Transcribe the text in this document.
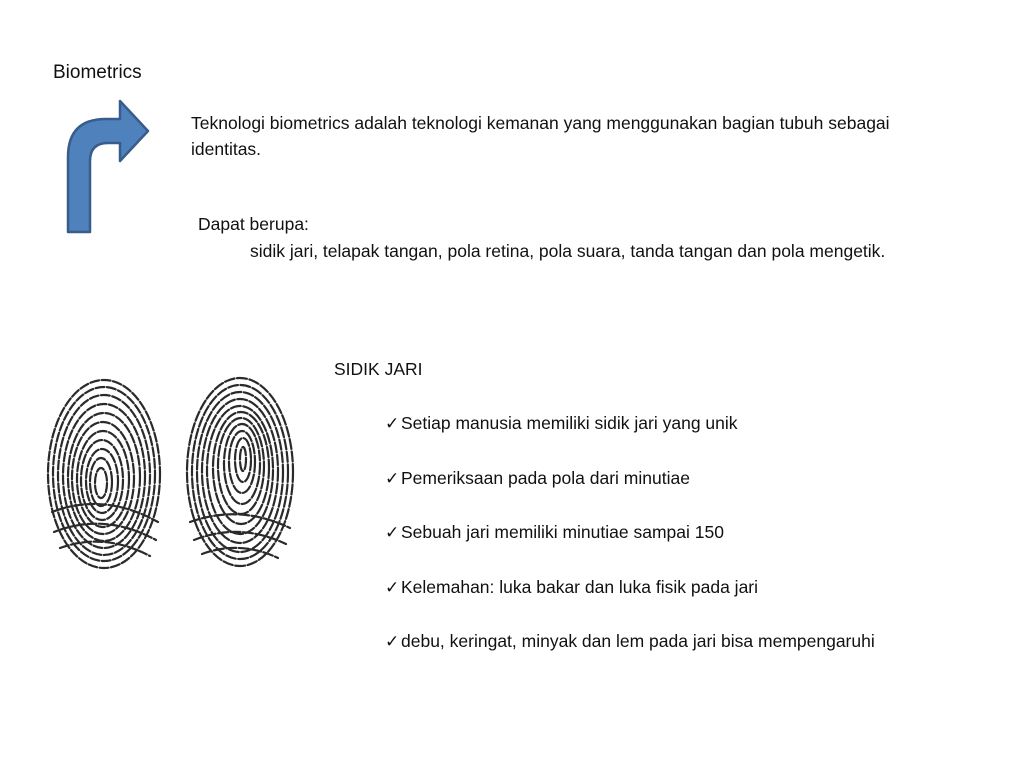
Biometrics
Teknologi biometrics adalah teknologi kemanan yang menggunakan bagian tubuh sebagai identitas.
Dapat berupa:
sidik jari, telapak tangan, pola retina, pola suara, tanda tangan dan pola mengetik.
SIDIK JARI
✓ Setiap manusia memiliki sidik jari yang unik
✓ Pemeriksaan pada pola dari minutiae
✓ Sebuah jari memiliki minutiae sampai 150
✓ Kelemahan: luka bakar dan luka fisik pada jari
✓ debu, keringat, minyak dan lem pada jari bisa mempengaruhi
